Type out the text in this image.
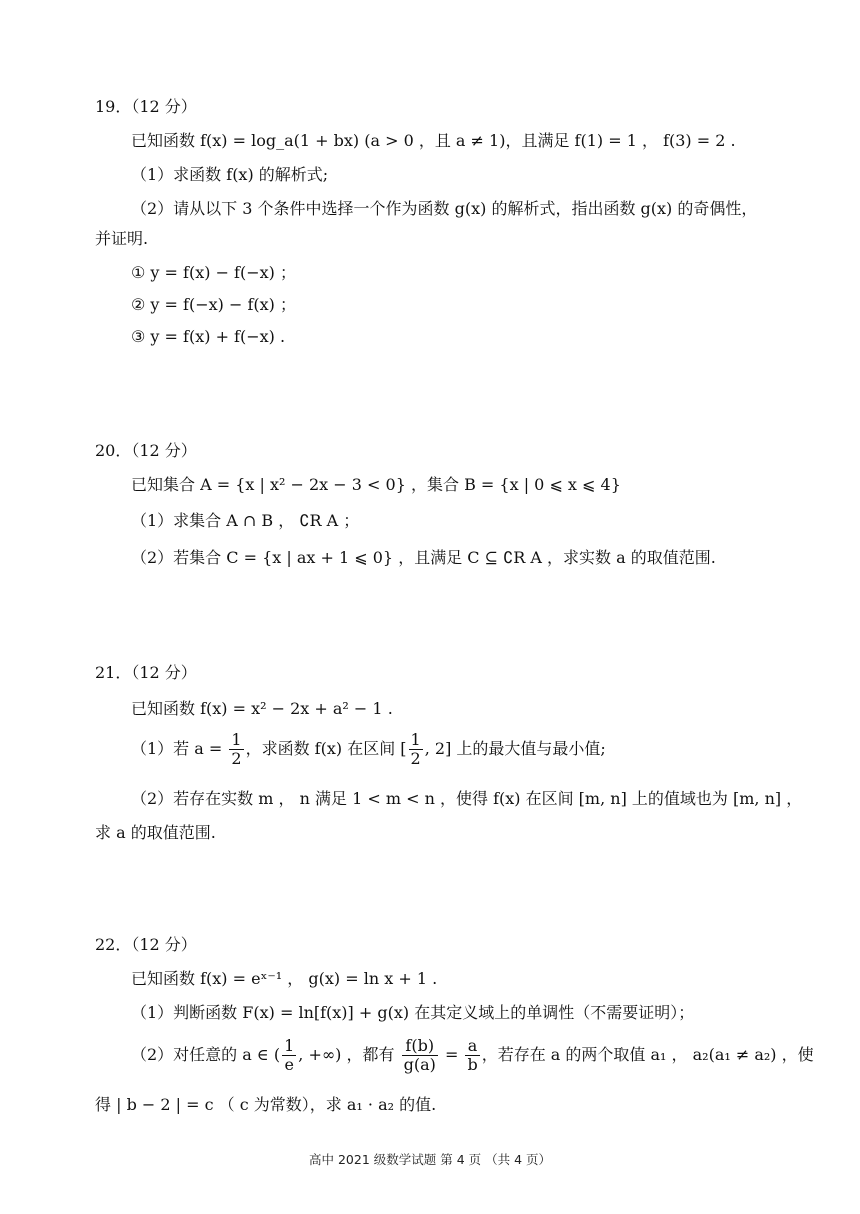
19．（12 分）
已知函数 f(x) = log_a(1 + bx) (a > 0 ，且 a ≠ 1)，且满足 f(1) = 1 ， f(3) = 2 .
（1）求函数 f(x) 的解析式;
（2）请从以下 3 个条件中选择一个作为函数 g(x) 的解析式，指出函数 g(x) 的奇偶性，
并证明.
① y = f(x) − f(−x) ；
② y = f(−x) − f(x) ；
③ y = f(x) + f(−x) .
20．（12 分）
已知集合 A = {x | x² − 2x − 3 < 0} ，集合 B = {x | 0 ⩽ x ⩽ 4}
（1）求集合 A ∩ B ， ∁R A ；
（2）若集合 C = {x | ax + 1 ⩽ 0} ，且满足 C ⊆ ∁R A ，求实数 a 的取值范围.
21．（12 分）
已知函数 f(x) = x² − 2x + a² − 1 .
（1）若 $a = \frac{1}{2}$ ，求函数 f(x) 在区间 [ $\frac{1}{2}$ , 2] 上的最大值与最小值;
（2）若存在实数 m ， n 满足 1 < m < n ，使得 f(x) 在区间 [m, n] 上的值域也为 [m, n] ，
求 a 的取值范围.
22．（12 分）
已知函数 f(x) = eˣ⁻¹ ， g(x) = ln x + 1 .
（1）判断函数 F(x) = ln[f(x)] + g(x) 在其定义域上的单调性（不需要证明）；
（2）对任意的 a ∈ ( $\frac{1}{e}$ , +∞) ，都有 $\frac{f(b)}{g(a)} = \frac{a}{b}$ ，若存在 a 的两个取值 a₁ ， a₂(a₁ ≠ a₂) ，使
得 | b − 2 | = c （ c 为常数），求 a₁ · a₂ 的值.
高中 2021 级数学试题 第 4 页 （共 4 页）
